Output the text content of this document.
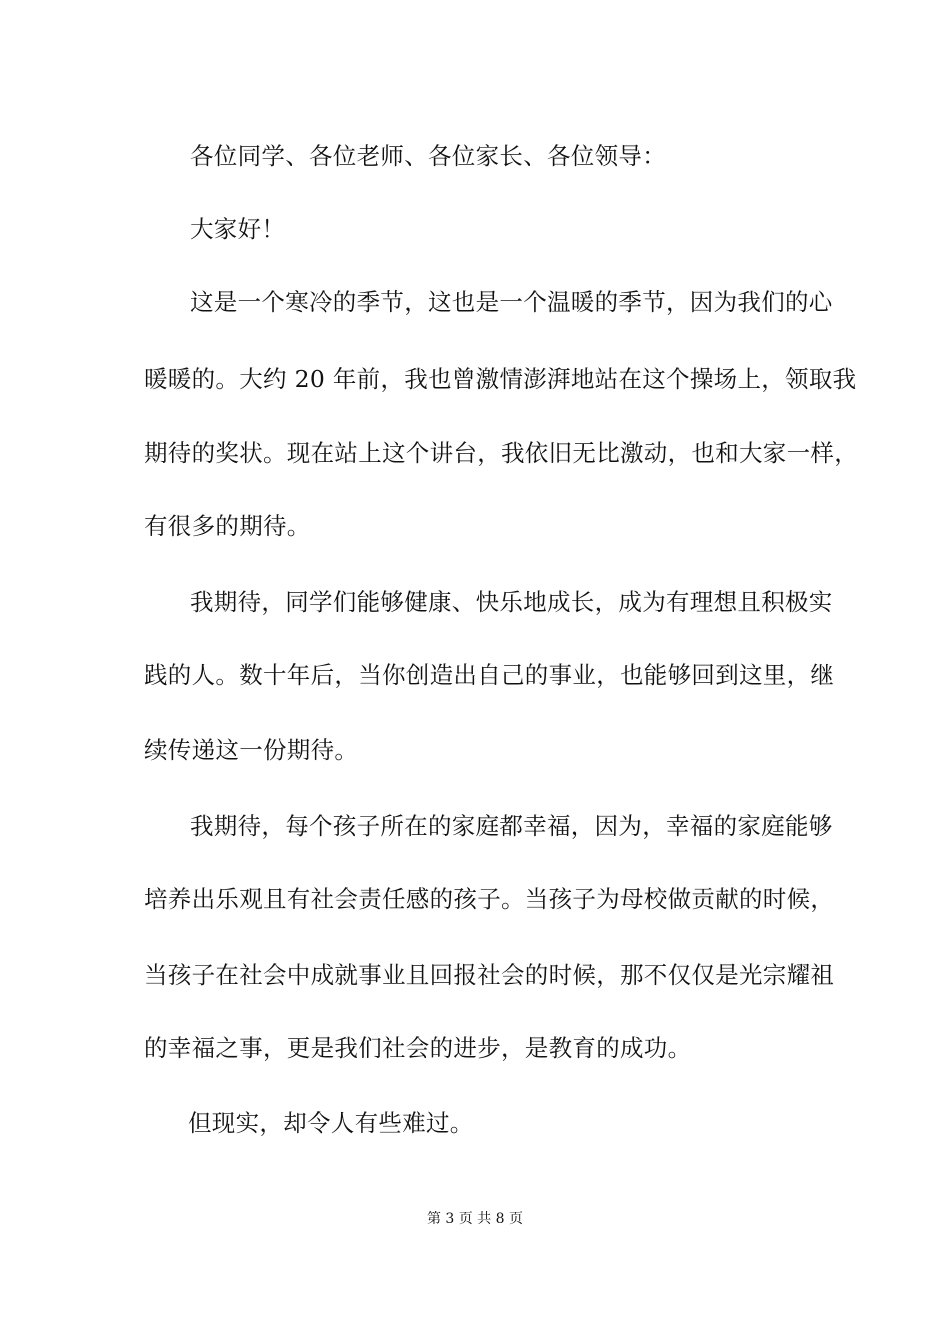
各位同学、各位老师、各位家长、各位领导：
大家好！
这是一个寒冷的季节，这也是一个温暖的季节，因为我们的心
暖暖的。大约 20 年前，我也曾激情澎湃地站在这个操场上，领取我
期待的奖状。现在站上这个讲台，我依旧无比激动，也和大家一样，
有很多的期待。
我期待，同学们能够健康、快乐地成长，成为有理想且积极实
践的人。数十年后，当你创造出自己的事业，也能够回到这里，继
续传递这一份期待。
我期待，每个孩子所在的家庭都幸福，因为，幸福的家庭能够
培养出乐观且有社会责任感的孩子。当孩子为母校做贡献的时候，
当孩子在社会中成就事业且回报社会的时候，那不仅仅是光宗耀祖
的幸福之事，更是我们社会的进步，是教育的成功。
但现实，却令人有些难过。
第 3 页 共 8 页
